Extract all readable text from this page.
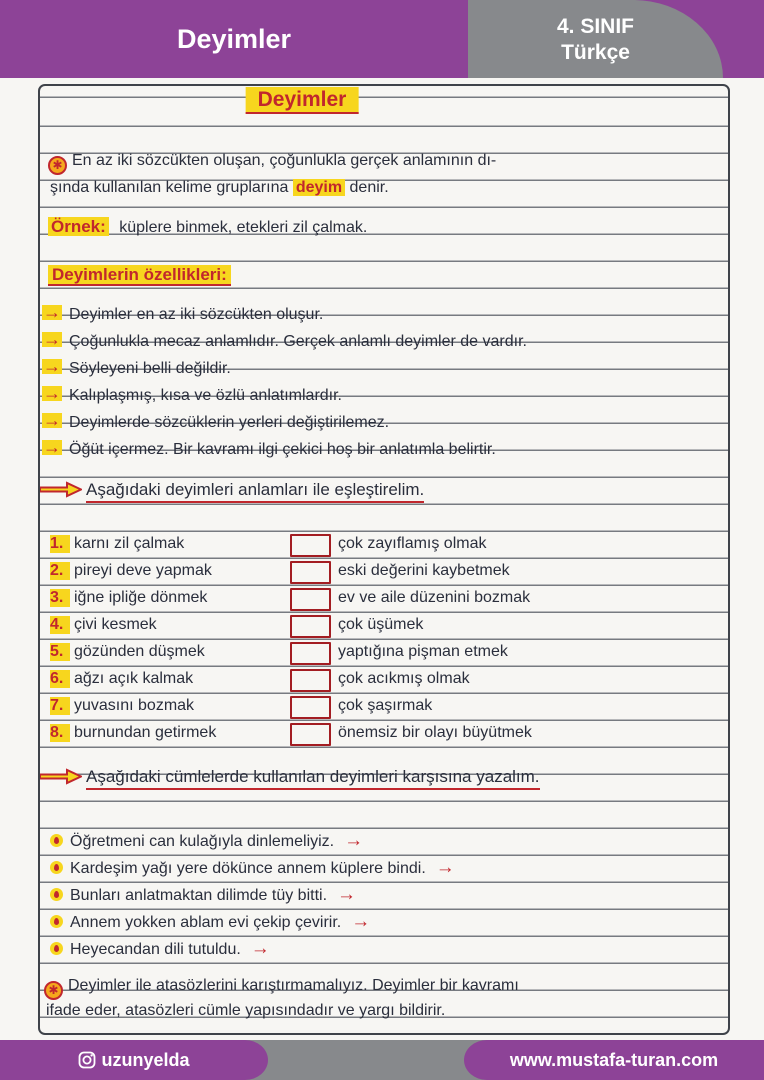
Deyimler	4. SINIF
Türkçe
Deyimler
✱ En az iki sözcükten oluşan, çoğunlukla gerçek anlamının dı-
şında kullanılan kelime gruplarına deyim denir.
Örnek: küplere binmek, etekleri zil çalmak.
Deyimlerin özellikleri:
→ Deyimler en az iki sözcükten oluşur.
→ Çoğunlukla mecaz anlamlıdır. Gerçek anlamlı deyimler de vardır.
→ Söyleyeni belli değildir.
→ Kalıplaşmış, kısa ve özlü anlatımlardır.
→ Deyimlerde sözcüklerin yerleri değiştirilemez.
→ Öğüt içermez. Bir kavramı ilgi çekici hoş bir anlatımla belirtir.
Aşağıdaki deyimleri anlamları ile eşleştirelim.
1. karnı zil çalmak	çok zayıflamış olmak
2. pireyi deve yapmak	eski değerini kaybetmek
3. iğne ipliğe dönmek	ev ve aile düzenini bozmak
4. çivi kesmek	çok üşümek
5. gözünden düşmek	yaptığına pişman etmek
6. ağzı açık kalmak	çok acıkmış olmak
7. yuvasını bozmak	çok şaşırmak
8. burnundan getirmek	önemsiz bir olayı büyütmek
Aşağıdaki cümlelerde kullanılan deyimleri karşısına yazalım.
Öğretmeni can kulağıyla dinlemeliyiz. →
Kardeşim yağı yere dökünce annem küplere bindi. →
Bunları anlatmaktan dilimde tüy bitti. →
Annem yokken ablam evi çekip çevirir. →
Heyecandan dili tutuldu. →
✱ Deyimler ile atasözlerini karıştırmamalıyız. Deyimler bir kavramı
ifade eder, atasözleri cümle yapısındadır ve yargı bildirir.
uzunyelda	www.mustafa-turan.com
